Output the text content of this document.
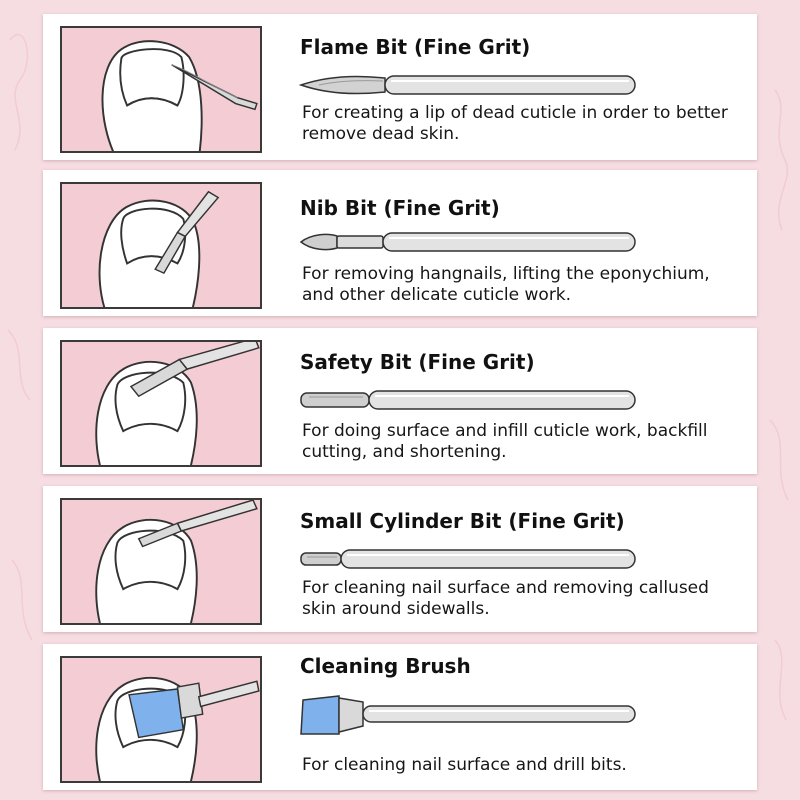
Flame Bit (Fine Grit)
For creating a lip of dead cuticle in order to better remove dead skin.
Nib Bit (Fine Grit)
For removing hangnails, lifting the eponychium, and other delicate cuticle work.
Safety Bit (Fine Grit)
For doing surface and infill cuticle work, backfill cutting, and shortening.
Small Cylinder Bit (Fine Grit)
For cleaning nail surface and removing callused skin around sidewalls.
Cleaning Brush
For cleaning nail surface and drill bits.
